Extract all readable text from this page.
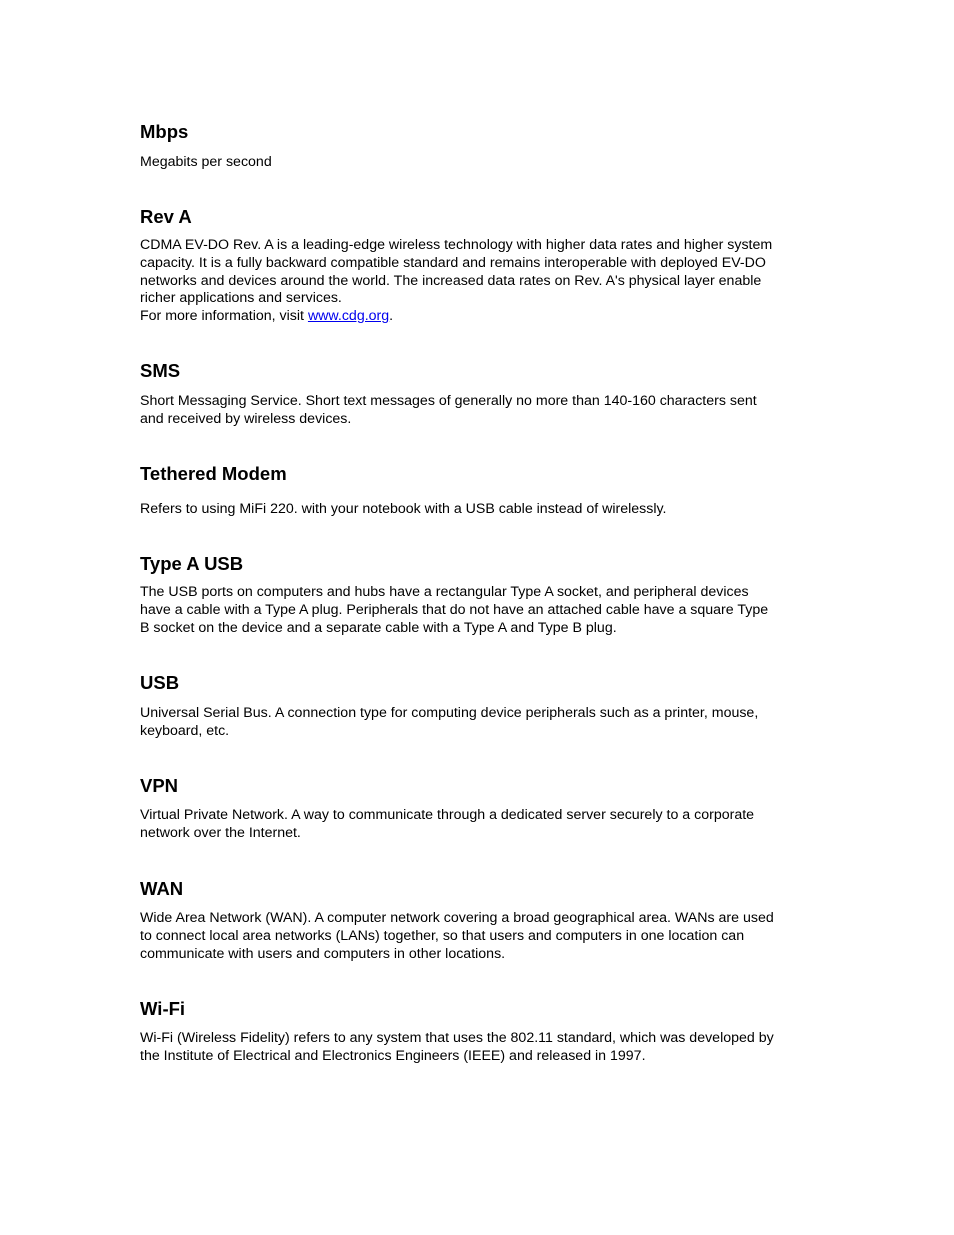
Mbps
Megabits per second
Rev A
CDMA EV-DO Rev. A is a leading-edge wireless technology with higher data rates and higher system
capacity. It is a fully backward compatible standard and remains interoperable with deployed EV-DO
networks and devices around the world. The increased data rates on Rev. A's physical layer enable
richer applications and services.
For more information, visit www.cdg.org.
SMS
Short Messaging Service. Short text messages of generally no more than 140-160 characters sent
and received by wireless devices.
Tethered Modem
Refers to using MiFi 220. with your notebook with a USB cable instead of wirelessly.
Type A USB
The USB ports on computers and hubs have a rectangular Type A socket, and peripheral devices
have a cable with a Type A plug. Peripherals that do not have an attached cable have a square Type
B socket on the device and a separate cable with a Type A and Type B plug.
USB
Universal Serial Bus. A connection type for computing device peripherals such as a printer, mouse,
keyboard, etc.
VPN
Virtual Private Network. A way to communicate through a dedicated server securely to a corporate
network over the Internet.
WAN
Wide Area Network (WAN). A computer network covering a broad geographical area. WANs are used
to connect local area networks (LANs) together, so that users and computers in one location can
communicate with users and computers in other locations.
Wi-Fi
Wi-Fi (Wireless Fidelity) refers to any system that uses the 802.11 standard, which was developed by
the Institute of Electrical and Electronics Engineers (IEEE) and released in 1997.
